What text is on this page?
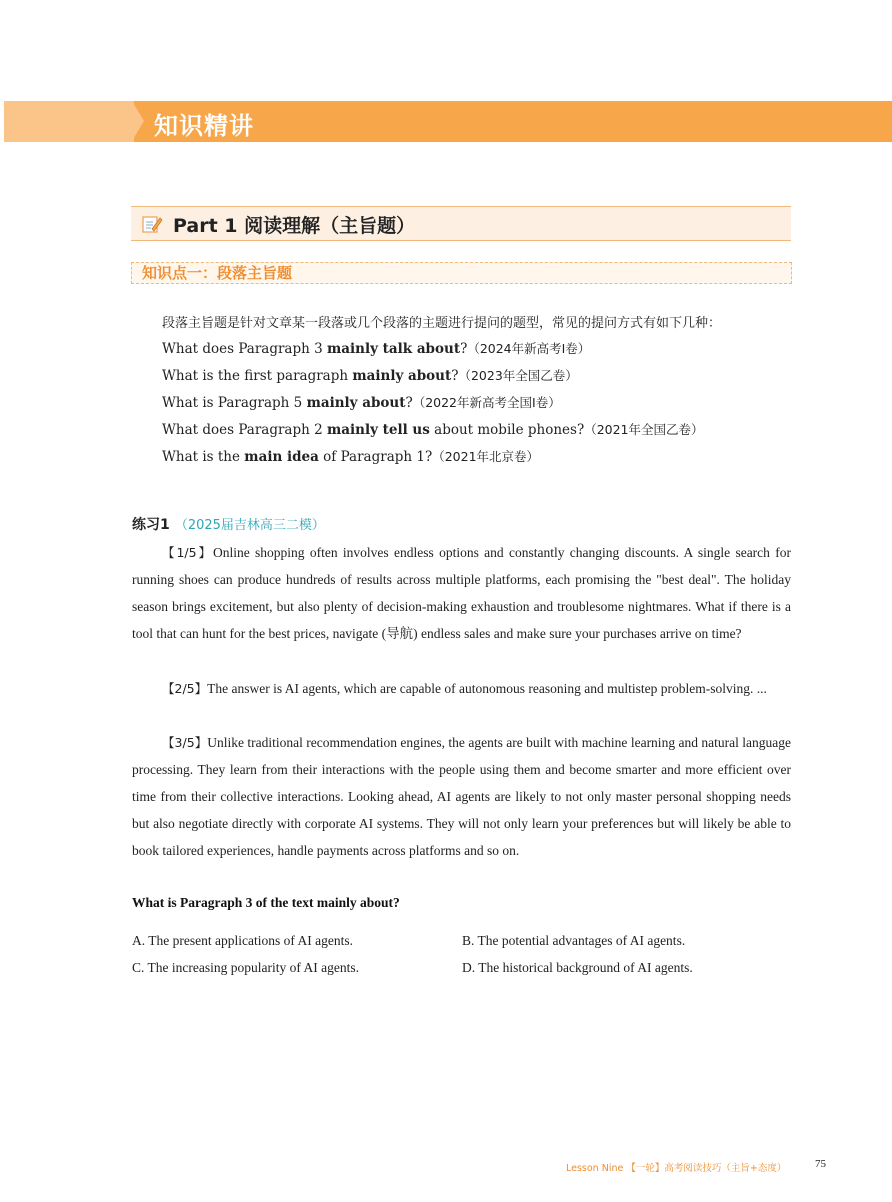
知识精讲
Part 1 阅读理解（主旨题）
知识点一：段落主旨题
段落主旨题是针对文章某一段落或几个段落的主题进行提问的题型，常见的提问方式有如下几种：
What does Paragraph 3 mainly talk about?（2024年新高考I卷）
What is the first paragraph mainly about?（2023年全国乙卷）
What is Paragraph 5 mainly about?（2022年新高考全国I卷）
What does Paragraph 2 mainly tell us about mobile phones?（2021年全国乙卷）
What is the main idea of Paragraph 1?（2021年北京卷）
练习1 （2025届吉林高三二模）

【1/5】Online shopping often involves endless options and constantly changing discounts. A single search for running shoes can produce hundreds of results across multiple platforms, each promising the "best deal". The holiday season brings excitement, but also plenty of decision-making exhaustion and troublesome nightmares. What if there is a tool that can hunt for the best prices, navigate (导航) endless sales and make sure your purchases arrive on time?

【2/5】The answer is AI agents, which are capable of autonomous reasoning and multistep problem-solving. ...

【3/5】Unlike traditional recommendation engines, the agents are built with machine learning and natural language processing. They learn from their interactions with the people using them and become smarter and more efficient over time from their collective interactions. Looking ahead, AI agents are likely to not only master personal shopping needs but also negotiate directly with corporate AI systems. They will not only learn your preferences but will likely be able to book tailored experiences, handle payments across platforms and so on.

What is Paragraph 3 of the text mainly about?
A. The present applications of AI agents.	B. The potential advantages of AI agents.
C. The increasing popularity of AI agents.	D. The historical background of AI agents.
Lesson Nine 【一轮】高考阅读技巧（主旨+态度）	75
